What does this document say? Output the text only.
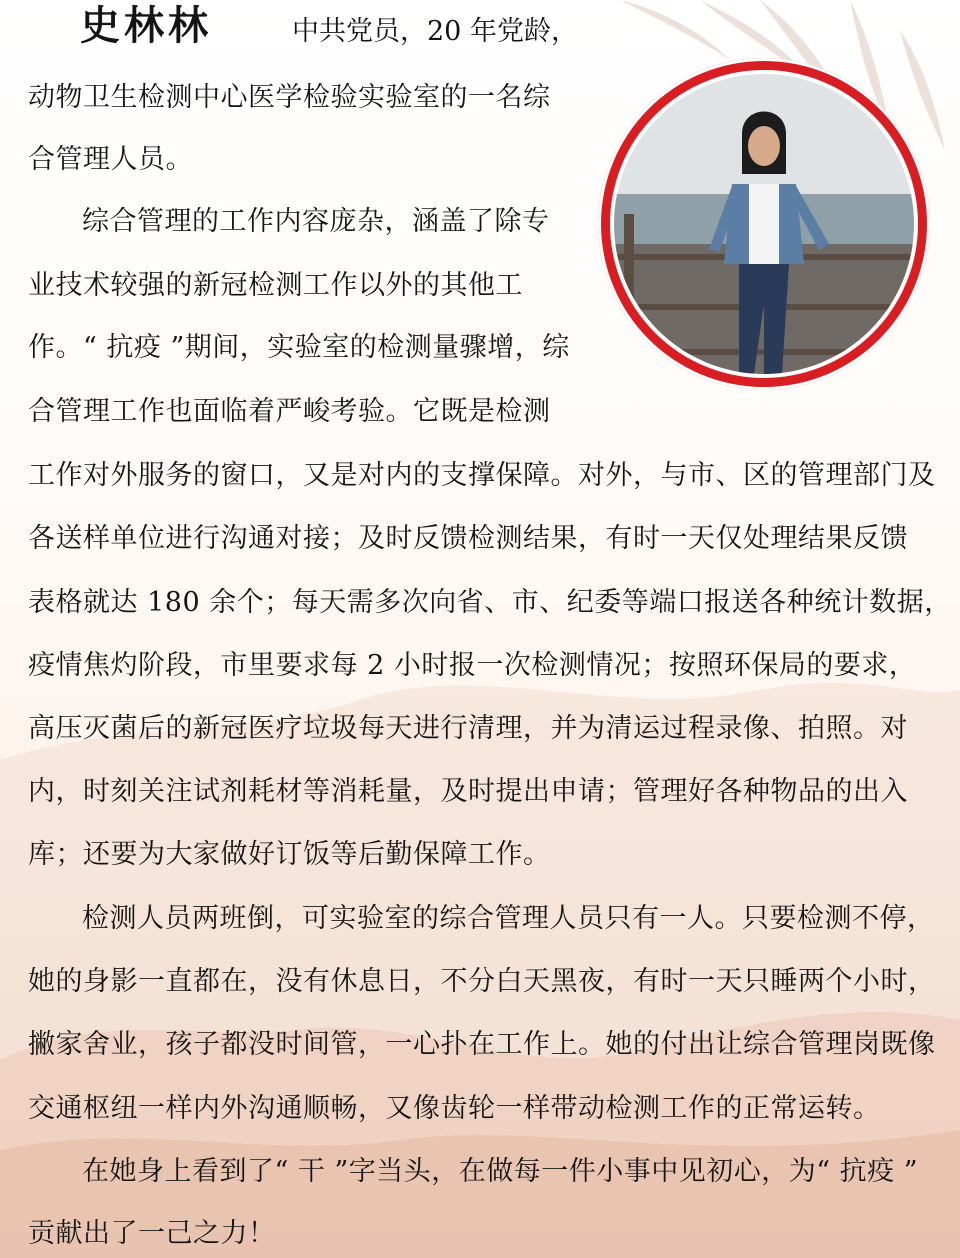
史林林	中共党员，20 年党龄，
动物卫生检测中心医学检验实验室的一名综
合管理人员。
综合管理的工作内容庞杂，涵盖了除专
业技术较强的新冠检测工作以外的其他工
作。“ 抗疫 ”期间，实验室的检测量骤增，综
合管理工作也面临着严峻考验。它既是检测
工作对外服务的窗口，又是对内的支撑保障。对外，与市、区的管理部门及
各送样单位进行沟通对接；及时反馈检测结果，有时一天仅处理结果反馈
表格就达 180 余个；每天需多次向省、市、纪委等端口报送各种统计数据，
疫情焦灼阶段，市里要求每 2 小时报一次检测情况；按照环保局的要求，
高压灭菌后的新冠医疗垃圾每天进行清理，并为清运过程录像、拍照。对
内，时刻关注试剂耗材等消耗量，及时提出申请；管理好各种物品的出入
库；还要为大家做好订饭等后勤保障工作。
检测人员两班倒，可实验室的综合管理人员只有一人。只要检测不停，
她的身影一直都在，没有休息日，不分白天黑夜，有时一天只睡两个小时，
撇家舍业，孩子都没时间管，一心扑在工作上。她的付出让综合管理岗既像
交通枢纽一样内外沟通顺畅，又像齿轮一样带动检测工作的正常运转。
在她身上看到了“ 干 ”字当头，在做每一件小事中见初心，为“ 抗疫 ”
贡献出了一己之力！
